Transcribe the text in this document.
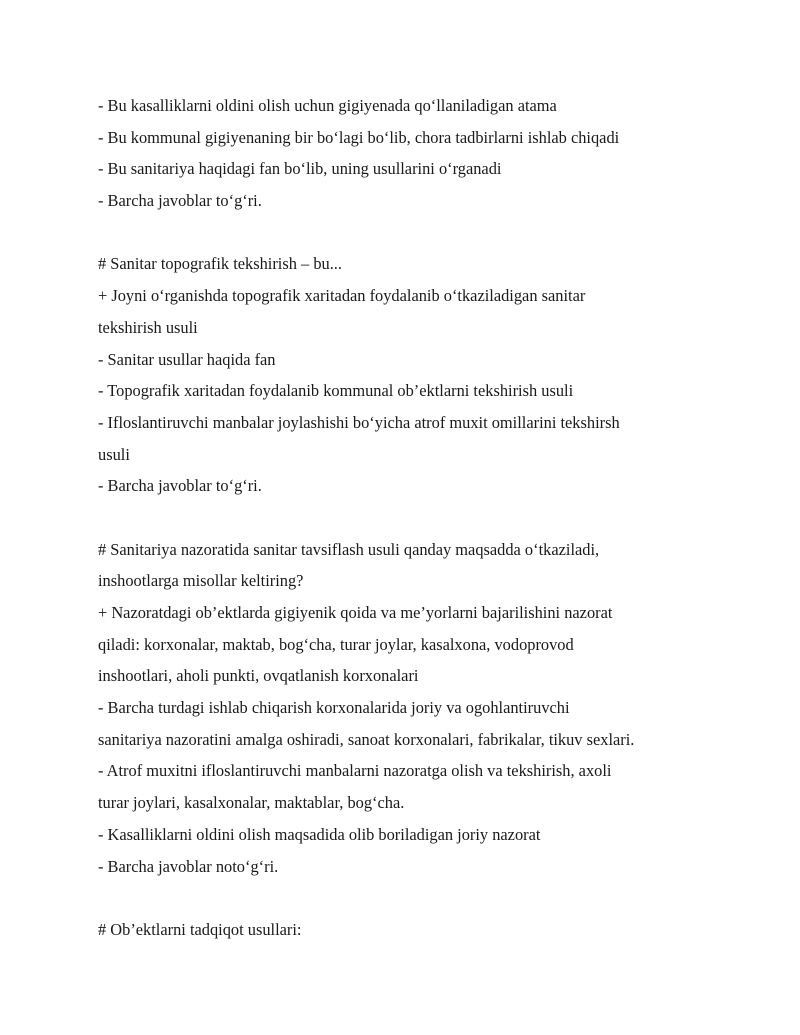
- Bu kasalliklarni oldini olish uchun gigiyenada qo‘llaniladigan atama
- Bu kommunal gigiyenaning bir bo‘lagi bo‘lib, chora tadbirlarni ishlab chiqadi
- Bu sanitariya haqidagi fan bo‘lib, uning usullarini o‘rganadi
- Barcha javoblar to‘g‘ri.
# Sanitar topografik tekshirish – bu...
+ Joyni o‘rganishda topografik xaritadan foydalanib o‘tkaziladigan sanitar
tekshirish usuli
- Sanitar usullar haqida fan
- Topografik xaritadan foydalanib kommunal ob’ektlarni tekshirish usuli
- Ifloslantiruvchi manbalar joylashishi bo‘yicha atrof muxit omillarini tekshirsh
usuli
- Barcha javoblar to‘g‘ri.
# Sanitariya nazoratida sanitar tavsiflash usuli qanday maqsadda o‘tkaziladi,
inshootlarga misollar keltiring?
+ Nazoratdagi ob’ektlarda gigiyenik qoida va me’yorlarni bajarilishini nazorat
qiladi: korxonalar, maktab, bog‘cha, turar joylar, kasalxona, vodoprovod
inshootlari, aholi punkti, ovqatlanish korxonalari
- Barcha turdagi ishlab chiqarish korxonalarida joriy va ogohlantiruvchi
sanitariya nazoratini amalga oshiradi, sanoat korxonalari, fabrikalar, tikuv sexlari.
- Atrof muxitni ifloslantiruvchi manbalarni nazoratga olish va tekshirish, axoli
turar joylari, kasalxonalar, maktablar, bog‘cha.
- Kasalliklarni oldini olish maqsadida olib boriladigan joriy nazorat
- Barcha javoblar noto‘g‘ri.
# Ob’ektlarni tadqiqot usullari:
